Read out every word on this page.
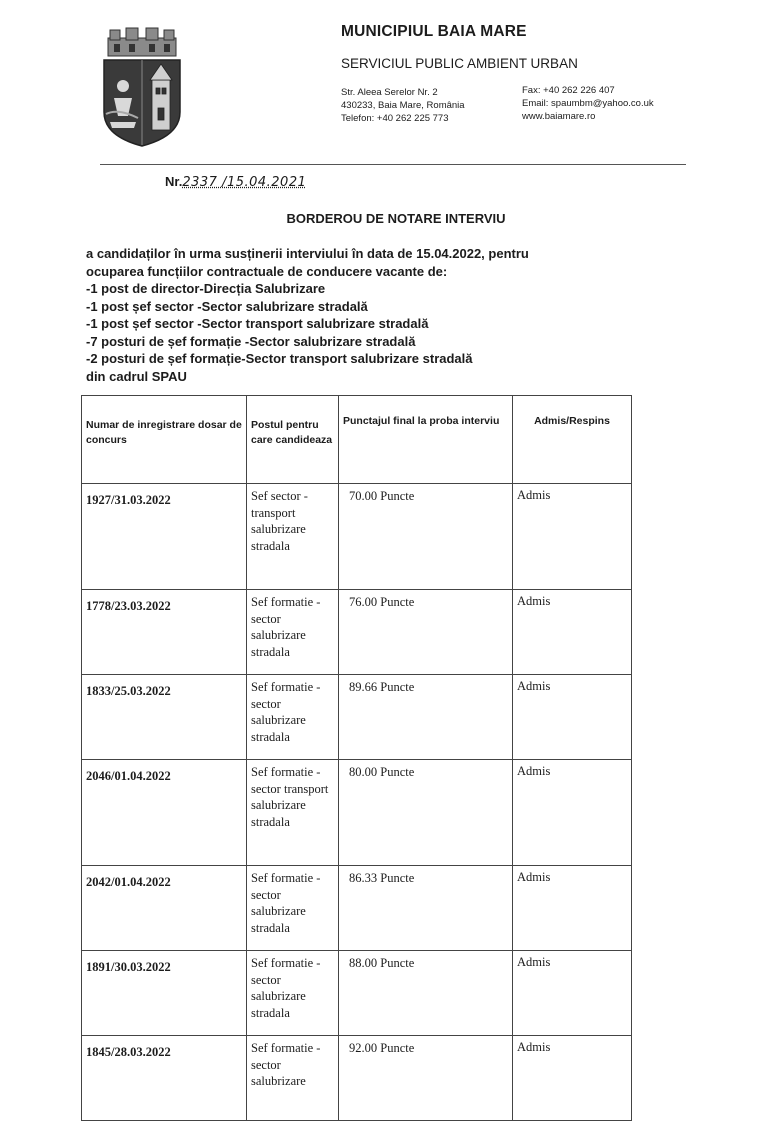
MUNICIPIUL BAIA MARE
SERVICIUL PUBLIC AMBIENT URBAN
Str. Aleea Serelor Nr. 2
430233, Baia Mare, România
Telefon: +40 262 225 773
Fax: +40 262 226 407
Email: spaumbm@yahoo.co.uk
www.baiamare.ro
Nr.2337 /15.04.2021
BORDEROU DE NOTARE INTERVIU
a candidaților în urma susținerii interviului în data de 15.04.2022, pentru
ocuparea funcțiilor contractuale de conducere vacante de:
-1 post de director-Direcția Salubrizare
-1 post șef sector -Sector salubrizare stradală
-1 post șef sector -Sector transport salubrizare stradală
-7 posturi de șef formație -Sector salubrizare stradală
-2 posturi de șef formație-Sector transport salubrizare stradală
din cadrul SPAU
Numar de inregistrare dosar de concurs	Postul pentru care candideaza	Punctajul final la proba interviu	Admis/Respins
1927/31.03.2022	Sef sector - transport salubrizare stradala	70.00 Puncte	Admis
1778/23.03.2022	Sef formatie -sector salubrizare stradala	76.00 Puncte	Admis
1833/25.03.2022	Sef formatie -sector salubrizare stradala	89.66 Puncte	Admis
2046/01.04.2022	Sef formatie -sector transport salubrizare stradala	80.00 Puncte	Admis
2042/01.04.2022	Sef formatie -sector salubrizare stradala	86.33 Puncte	Admis
1891/30.03.2022	Sef formatie -sector salubrizare stradala	88.00 Puncte	Admis
1845/28.03.2022	Sef formatie -sector salubrizare	92.00 Puncte	Admis
